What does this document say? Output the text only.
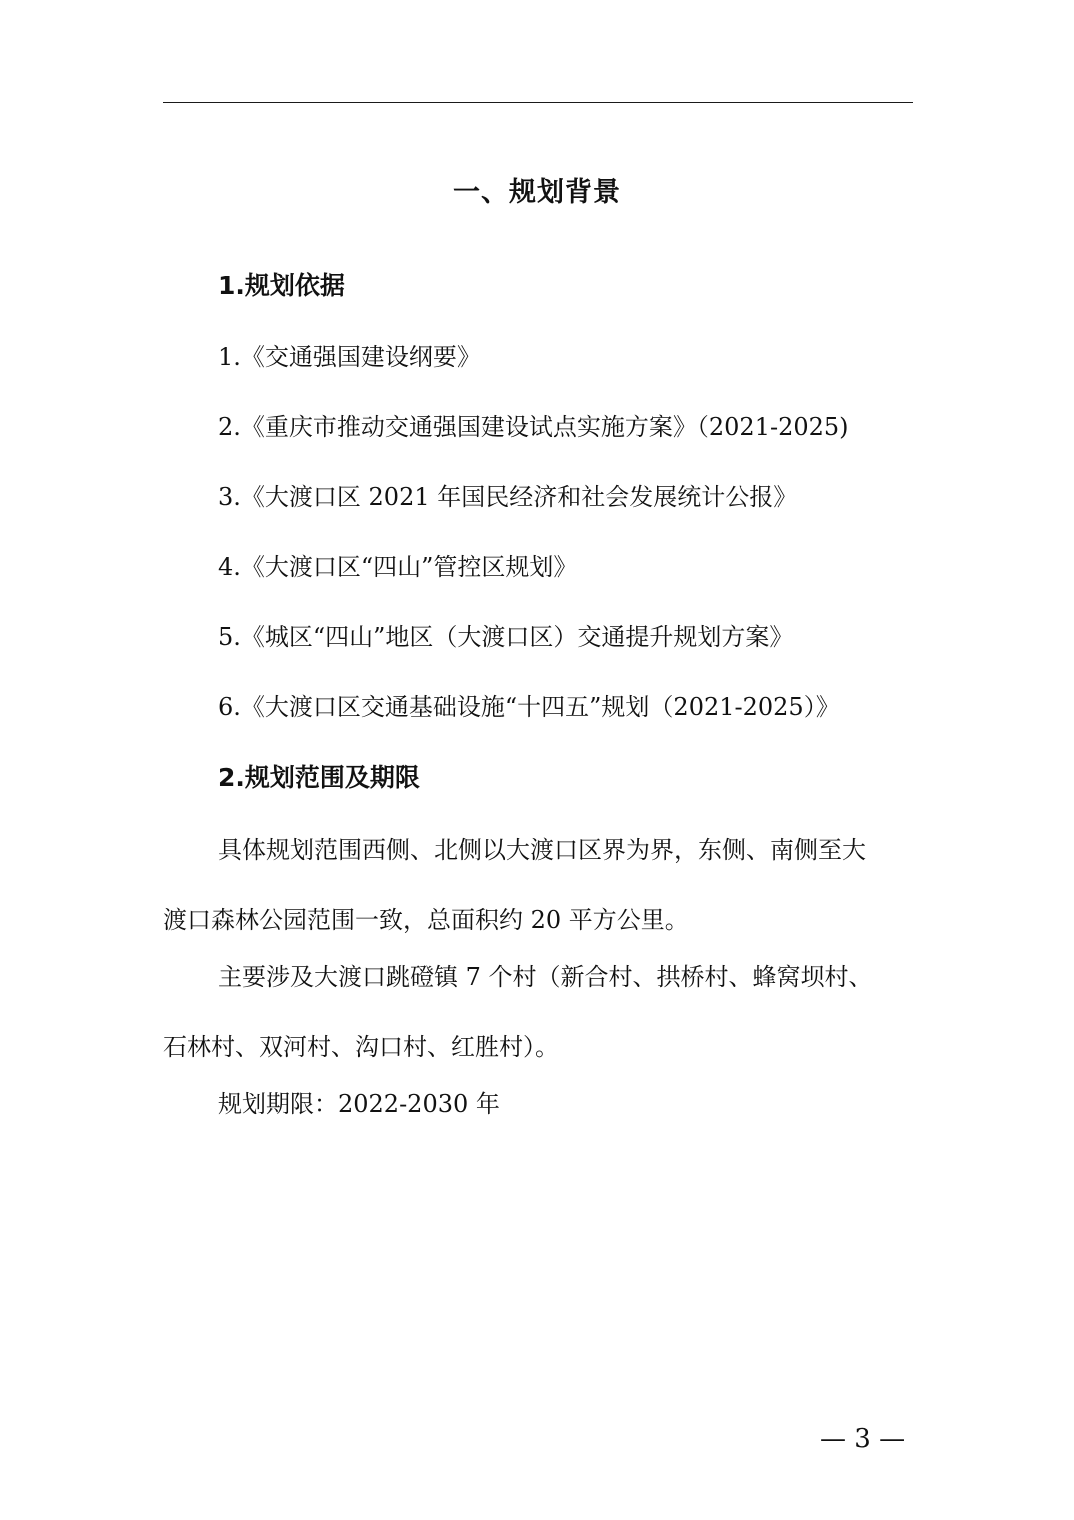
一、规划背景
1.规划依据
1.《交通强国建设纲要》
2.《重庆市推动交通强国建设试点实施方案》（2021-2025)
3.《大渡口区 2021 年国民经济和社会发展统计公报》
4.《大渡口区“四山”管控区规划》
5.《城区“四山”地区（大渡口区）交通提升规划方案》
6.《大渡口区交通基础设施“十四五”规划（2021-2025）》
2.规划范围及期限
具体规划范围西侧、北侧以大渡口区界为界，东侧、南侧至大
渡口森林公园范围一致，总面积约 20 平方公里。
主要涉及大渡口跳磴镇 7 个村（新合村、拱桥村、蜂窝坝村、
石林村、双河村、沟口村、红胜村）。
规划期限：2022-2030 年
— 3 —
